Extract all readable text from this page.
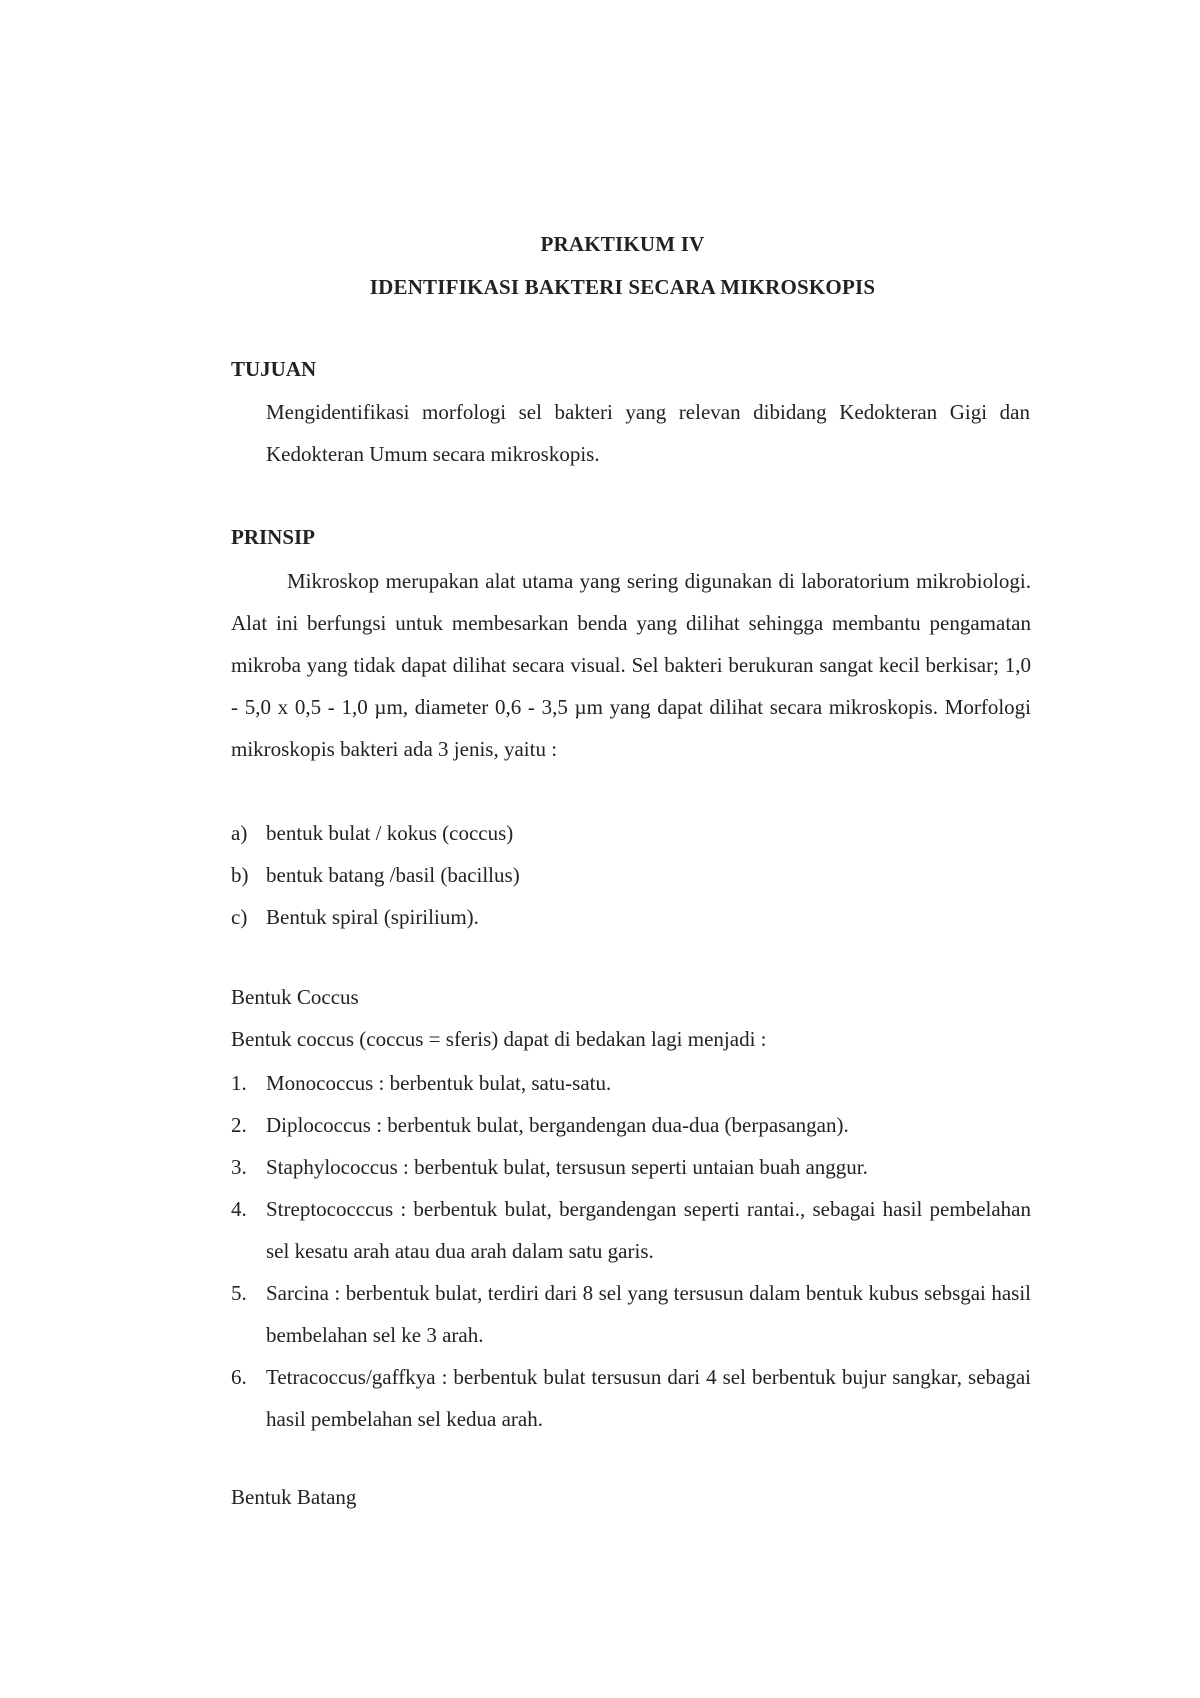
PRAKTIKUM IV
IDENTIFIKASI BAKTERI SECARA MIKROSKOPIS
TUJUAN
Mengidentifikasi morfologi sel bakteri yang relevan dibidang Kedokteran Gigi dan Kedokteran Umum secara mikroskopis.
PRINSIP
Mikroskop merupakan alat utama yang sering digunakan di laboratorium mikrobiologi. Alat ini berfungsi untuk membesarkan benda yang dilihat sehingga membantu pengamatan mikroba yang tidak dapat dilihat secara visual. Sel bakteri berukuran sangat kecil berkisar; 1,0 - 5,0 x 0,5 - 1,0 µm, diameter 0,6 - 3,5 µm yang dapat dilihat secara mikroskopis. Morfologi mikroskopis bakteri ada 3 jenis, yaitu :
a) bentuk bulat / kokus (coccus)
b) bentuk batang /basil (bacillus)
c) Bentuk spiral (spirilium).
Bentuk Coccus
Bentuk coccus (coccus = sferis) dapat di bedakan lagi menjadi :
1. Monococcus : berbentuk bulat, satu-satu.
2. Diplococcus : berbentuk bulat, bergandengan dua-dua (berpasangan).
3. Staphylococcus : berbentuk bulat, tersusun seperti untaian buah anggur.
4. Streptococccus : berbentuk bulat, bergandengan seperti rantai., sebagai hasil pembelahan sel kesatu arah atau dua arah dalam satu garis.
5. Sarcina : berbentuk bulat, terdiri dari 8 sel yang tersusun dalam bentuk kubus sebsgai hasil bembelahan sel ke 3 arah.
6. Tetracoccus/gaffkya : berbentuk bulat tersusun dari 4 sel berbentuk bujur sangkar, sebagai hasil pembelahan sel kedua arah.
Bentuk Batang
